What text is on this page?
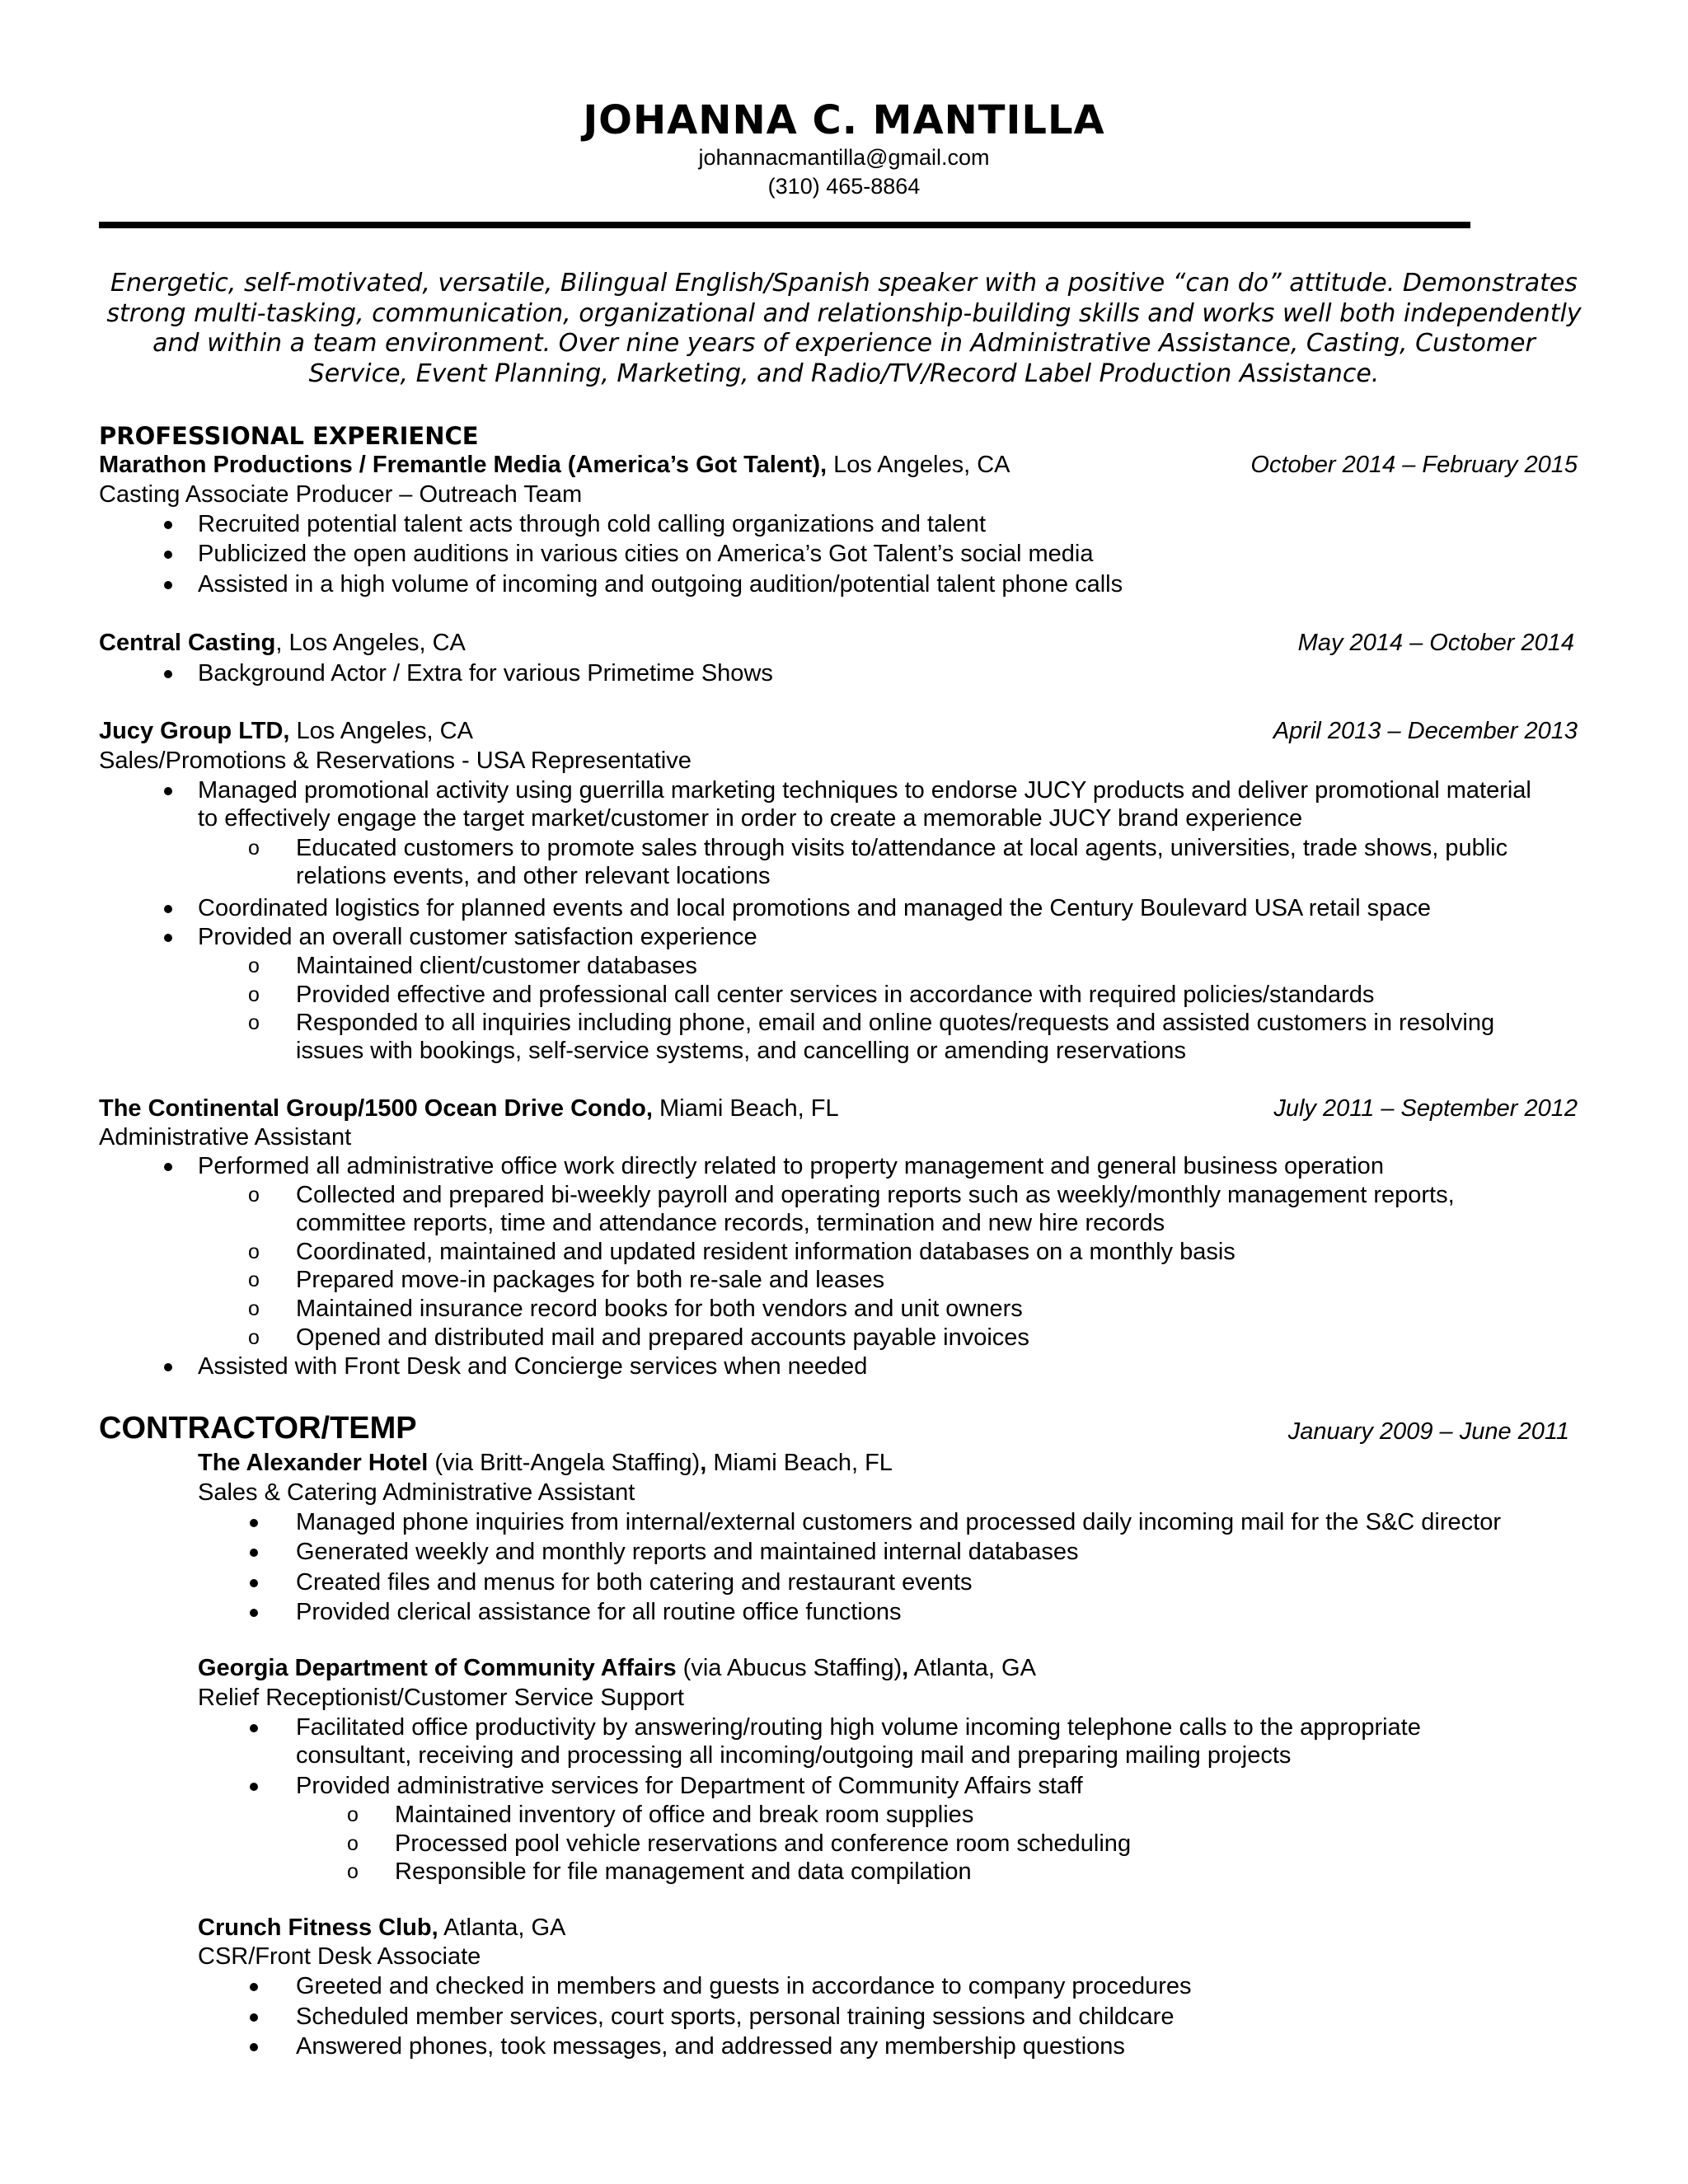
JOHANNA C. MANTILLA
johannacmantilla@gmail.com
(310) 465-8864
Energetic, self-motivated, versatile, Bilingual English/Spanish speaker with a positive “can do” attitude. Demonstrates
strong multi-tasking, communication, organizational and relationship-building skills and works well both independently
and within a team environment. Over nine years of experience in Administrative Assistance, Casting, Customer
Service, Event Planning, Marketing, and Radio/TV/Record Label Production Assistance.
PROFESSIONAL EXPERIENCE
Marathon Productions / Fremantle Media (America’s Got Talent), Los Angeles, CA	October 2014 – February 2015
Casting Associate Producer – Outreach Team
Recruited potential talent acts through cold calling organizations and talent
Publicized the open auditions in various cities on America’s Got Talent’s social media
Assisted in a high volume of incoming and outgoing audition/potential talent phone calls
Central Casting, Los Angeles, CA	May 2014 – October 2014
Background Actor / Extra for various Primetime Shows
Jucy Group LTD, Los Angeles, CA	April 2013 – December 2013
Sales/Promotions & Reservations - USA Representative
Managed promotional activity using guerrilla marketing techniques to endorse JUCY products and deliver promotional material
to effectively engage the target market/customer in order to create a memorable JUCY brand experience
o Educated customers to promote sales through visits to/attendance at local agents, universities, trade shows, public
relations events, and other relevant locations
Coordinated logistics for planned events and local promotions and managed the Century Boulevard USA retail space
Provided an overall customer satisfaction experience
o Maintained client/customer databases
o Provided effective and professional call center services in accordance with required policies/standards
o Responded to all inquiries including phone, email and online quotes/requests and assisted customers in resolving
issues with bookings, self-service systems, and cancelling or amending reservations
The Continental Group/1500 Ocean Drive Condo, Miami Beach, FL	July 2011 – September 2012
Administrative Assistant
Performed all administrative office work directly related to property management and general business operation
o Collected and prepared bi-weekly payroll and operating reports such as weekly/monthly management reports,
committee reports, time and attendance records, termination and new hire records
o Coordinated, maintained and updated resident information databases on a monthly basis
o Prepared move-in packages for both re-sale and leases
o Maintained insurance record books for both vendors and unit owners
o Opened and distributed mail and prepared accounts payable invoices
Assisted with Front Desk and Concierge services when needed
CONTRACTOR/TEMP	January 2009 – June 2011
The Alexander Hotel (via Britt-Angela Staffing), Miami Beach, FL
Sales & Catering Administrative Assistant
Managed phone inquiries from internal/external customers and processed daily incoming mail for the S&C director
Generated weekly and monthly reports and maintained internal databases
Created files and menus for both catering and restaurant events
Provided clerical assistance for all routine office functions
Georgia Department of Community Affairs (via Abucus Staffing), Atlanta, GA
Relief Receptionist/Customer Service Support
Facilitated office productivity by answering/routing high volume incoming telephone calls to the appropriate
consultant, receiving and processing all incoming/outgoing mail and preparing mailing projects
Provided administrative services for Department of Community Affairs staff
o Maintained inventory of office and break room supplies
o Processed pool vehicle reservations and conference room scheduling
o Responsible for file management and data compilation
Crunch Fitness Club, Atlanta, GA
CSR/Front Desk Associate
Greeted and checked in members and guests in accordance to company procedures
Scheduled member services, court sports, personal training sessions and childcare
Answered phones, took messages, and addressed any membership questions
